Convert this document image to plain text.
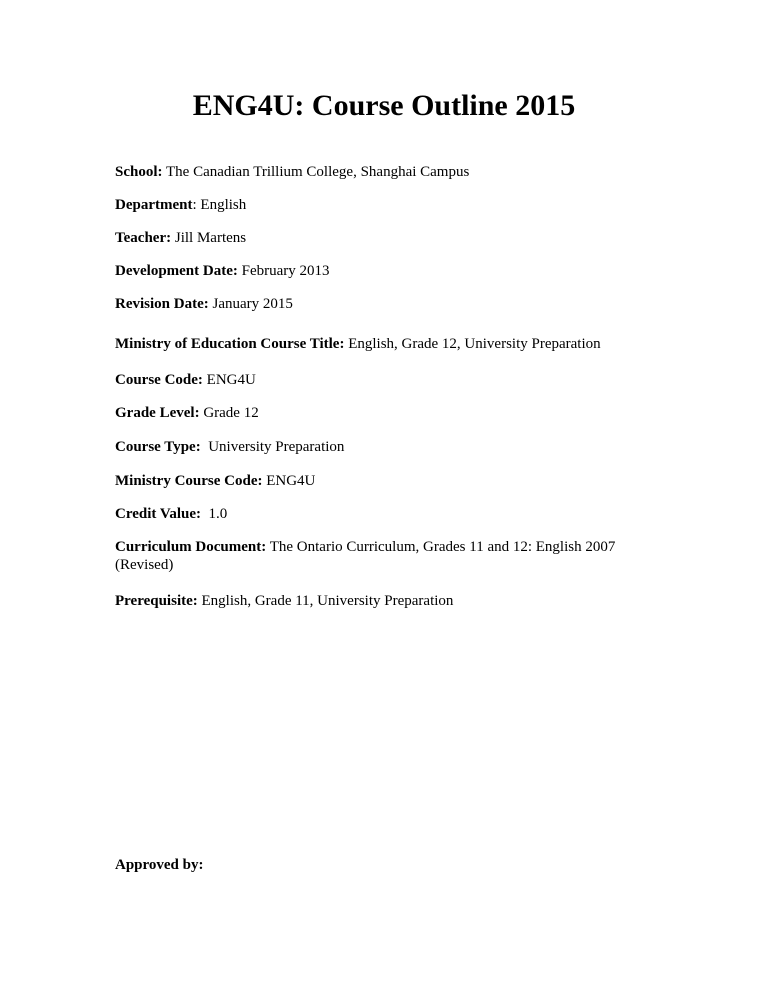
ENG4U: Course Outline 2015

School: The Canadian Trillium College, Shanghai Campus

Department: English

Teacher: Jill Martens

Development Date: February 2013

Revision Date: January 2015

Ministry of Education Course Title: English, Grade 12, University Preparation

Course Code: ENG4U

Grade Level: Grade 12

Course Type: University Preparation

Ministry Course Code: ENG4U

Credit Value: 1.0

Curriculum Document: The Ontario Curriculum, Grades 11 and 12: English 2007
(Revised)

Prerequisite: English, Grade 11, University Preparation

Approved by:
